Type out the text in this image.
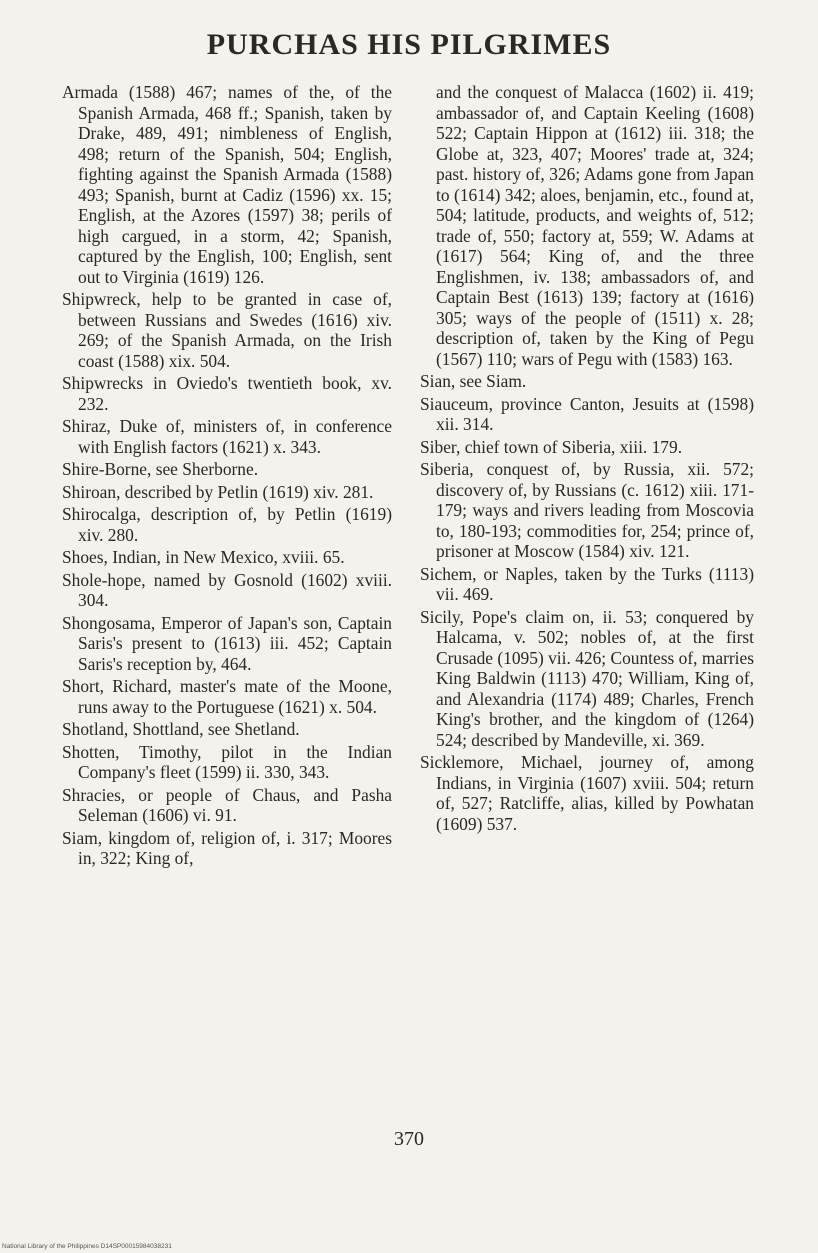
PURCHAS HIS PILGRIMES

Armada (1588) 467; names of the, of the Spanish Armada, 468 ff.; Spanish, taken by Drake, 489, 491; nimbleness of English, 498; return of the Spanish, 504; English, fighting against the Spanish Armada (1588) 493; Spanish, burnt at Cadiz (1596) xx. 15; English, at the Azores (1597) 38; perils of high cargued, in a storm, 42; Spanish, captured by the English, 100; English, sent out to Virginia (1619) 126.

Shipwreck, help to be granted in case of, between Russians and Swedes (1616) xiv. 269; of the Spanish Armada, on the Irish coast (1588) xix. 504.

Shipwrecks in Oviedo's twentieth book, xv. 232.

Shiraz, Duke of, ministers of, in conference with English factors (1621) x. 343.

Shire-Borne, see Sherborne.

Shiroan, described by Petlin (1619) xiv. 281.

Shirocalga, description of, by Petlin (1619) xiv. 280.

Shoes, Indian, in New Mexico, xviii. 65.

Shole-hope, named by Gosnold (1602) xviii. 304.

Shongosama, Emperor of Japan's son, Captain Saris's present to (1613) iii. 452; Captain Saris's reception by, 464.

Short, Richard, master's mate of the Moone, runs away to the Portuguese (1621) x. 504.

Shotland, Shottland, see Shetland.

Shotten, Timothy, pilot in the Indian Company's fleet (1599) ii. 330, 343.

Shracies, or people of Chaus, and Pasha Seleman (1606) vi. 91.

Siam, kingdom of, religion of, i. 317; Moores in, 322; King of,

and the conquest of Malacca (1602) ii. 419; ambassador of, and Captain Keeling (1608) 522; Captain Hippon at (1612) iii. 318; the Globe at, 323, 407; Moores' trade at, 324; past. history of, 326; Adams gone from Japan to (1614) 342; aloes, benjamin, etc., found at, 504; latitude, products, and weights of, 512; trade of, 550; factory at, 559; W. Adams at (1617) 564; King of, and the three Englishmen, iv. 138; ambassadors of, and Captain Best (1613) 139; factory at (1616) 305; ways of the people of (1511) x. 28; description of, taken by the King of Pegu (1567) 110; wars of Pegu with (1583) 163.

Sian, see Siam.

Siauceum, province Canton, Jesuits at (1598) xii. 314.

Siber, chief town of Siberia, xiii. 179.

Siberia, conquest of, by Russia, xii. 572; discovery of, by Russians (c. 1612) xiii. 171-179; ways and rivers leading from Moscovia to, 180-193; commodities for, 254; prince of, prisoner at Moscow (1584) xiv. 121.

Sichem, or Naples, taken by the Turks (1113) vii. 469.

Sicily, Pope's claim on, ii. 53; conquered by Halcama, v. 502; nobles of, at the first Crusade (1095) vii. 426; Countess of, marries King Baldwin (1113) 470; William, King of, and Alexandria (1174) 489; Charles, French King's brother, and the kingdom of (1264) 524; described by Mandeville, xi. 369.

Sicklemore, Michael, journey of, among Indians, in Virginia (1607) xviii. 504; return of, 527; Ratcliffe, alias, killed by Powhatan (1609) 537.

370
National Library of the Philippines D14SP00015984038231
